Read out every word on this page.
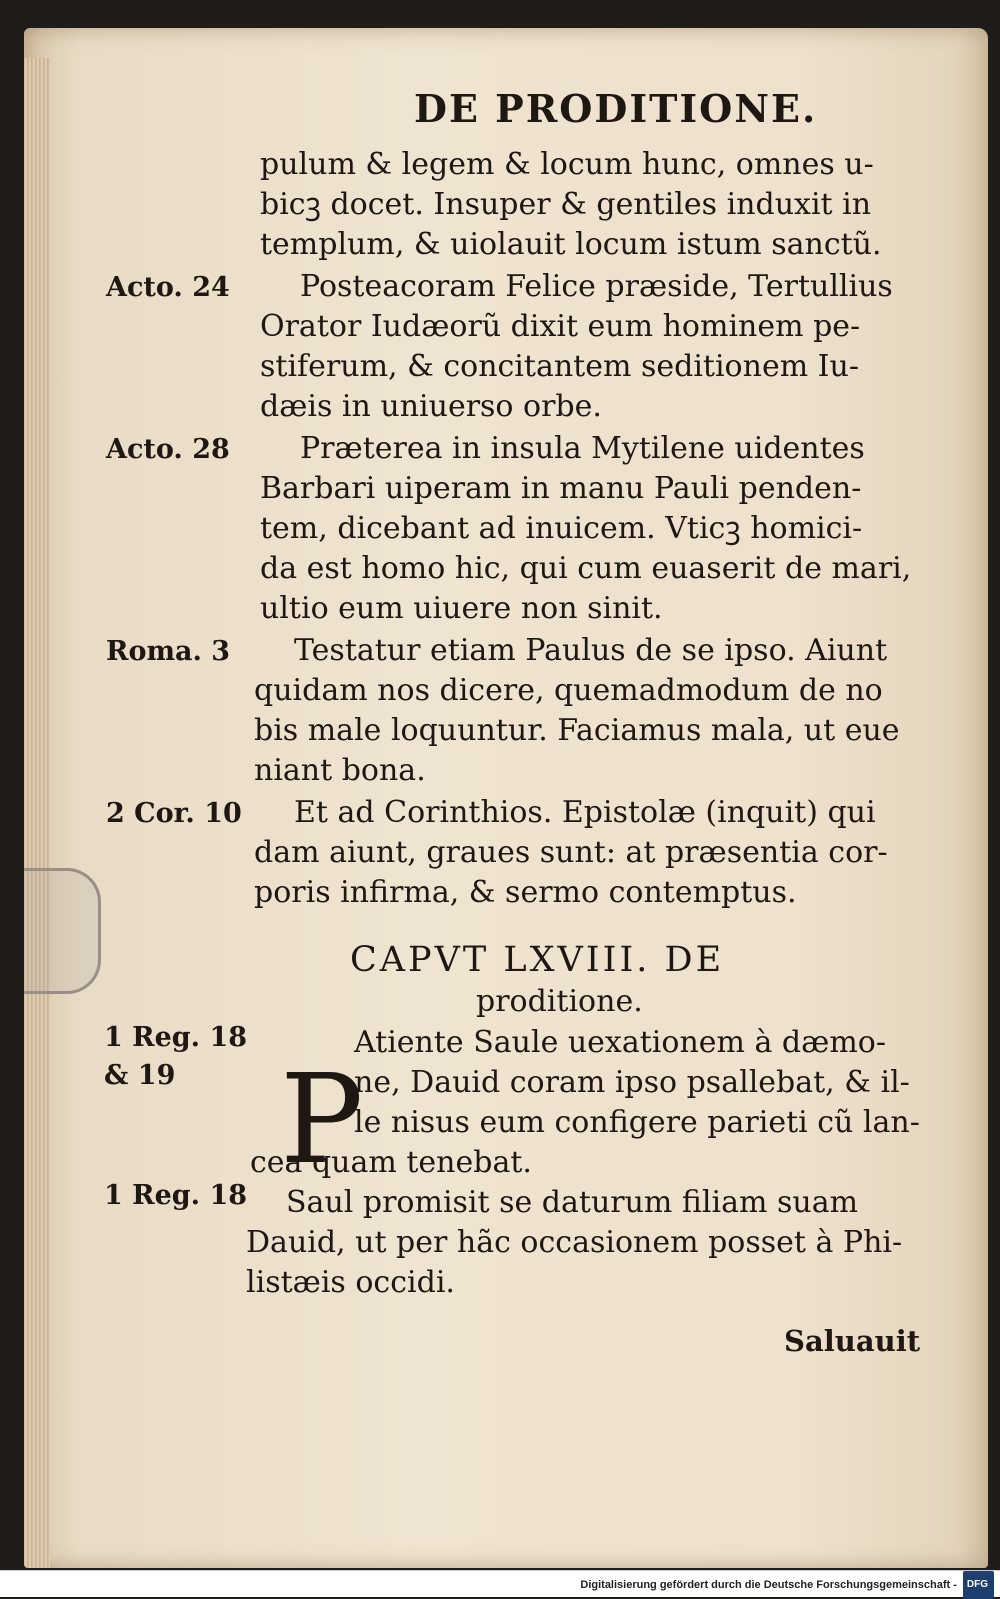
DE PRODITIONE.
pulum & legem & locum hunc, omnes u-
bicꝫ docet. Insuper & gentiles induxit in
templum, & uiolauit locum istum sanctũ.
Posteacoram Felice præside, Tertullius
Orator Iudæorũ dixit eum hominem pe-
stiferum, & concitantem seditionem Iu-
dæis in uniuerso orbe.
Præterea in insula Mytilene uidentes
Barbari uiperam in manu Pauli penden-
tem, dicebant ad inuicem. Vticꝫ homici-
da est homo hic, qui cum euaserit de mari,
ultio eum uiuere non sinit.
Testatur etiam Paulus de se ipso. Aiunt
quidam nos dicere, quemadmodum de no
bis male loquuntur. Faciamus mala, ut eue
niant bona.
Et ad Corinthios. Epistolæ (inquit) qui
dam aiunt, graues sunt: at præsentia cor-
poris infirma, & sermo contemptus.
Acto. 24
Acto. 28
Roma. 3
2 Cor. 10
1 Reg. 18
& 19
1 Reg. 18
CAPVT LXVIII. DE
proditione.
P
Atiente Saule uexationem à dæmo-
ne, Dauid coram ipso psallebat, & il-
le nisus eum configere parieti cũ lan-
cea quam tenebat.
Saul promisit se daturum filiam suam
Dauid, ut per hãc occasionem posset à Phi-
listæis occidi.
Saluauit
Digitalisierung gefördert durch die Deutsche Forschungsgemeinschaft - DFG
